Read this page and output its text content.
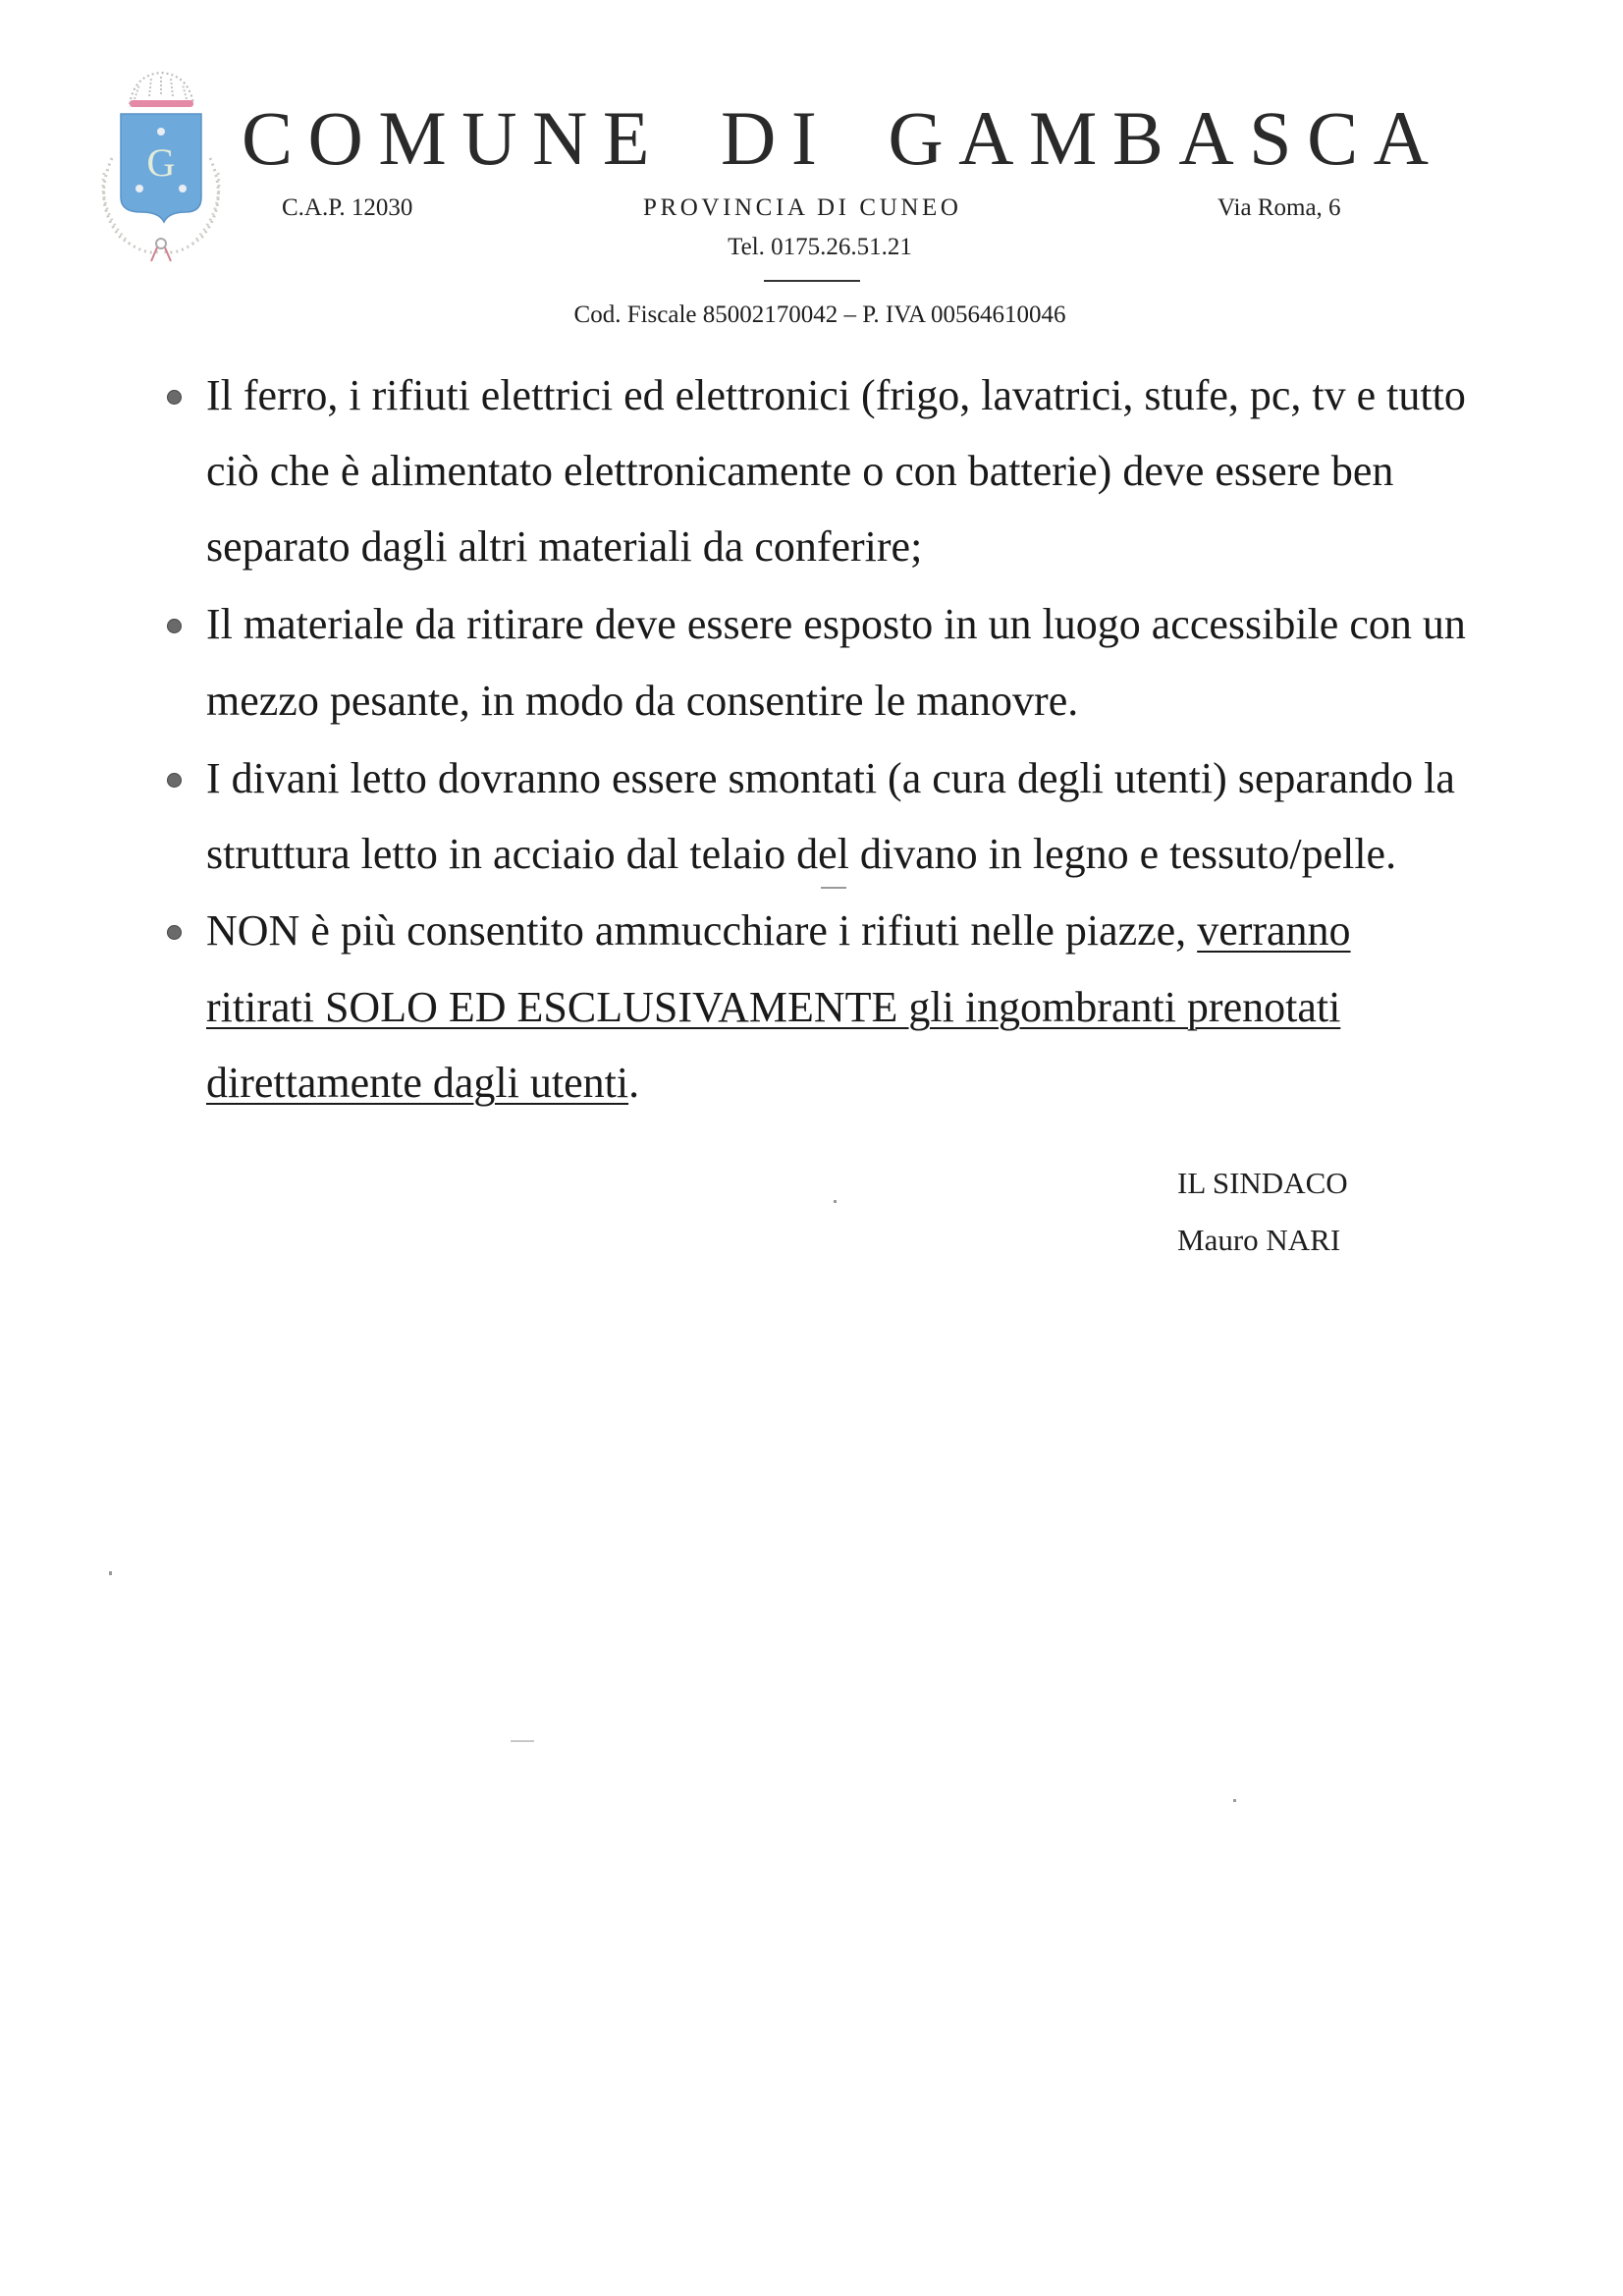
G COMUNE DI GAMBASCA
C.A.P. 12030	PROVINCIA DI CUNEO	Via Roma, 6
Tel. 0175.26.51.21
Cod. Fiscale 85002170042 – P. IVA 00564610046
Il ferro, i rifiuti elettrici ed elettronici (frigo, lavatrici, stufe, pc, tv e tutto
ciò che è alimentato elettronicamente o con batterie) deve essere ben
separato dagli altri materiali da conferire;
Il materiale da ritirare deve essere esposto in un luogo accessibile con un
mezzo pesante, in modo da consentire le manovre.
I divani letto dovranno essere smontati (a cura degli utenti) separando la
struttura letto in acciaio dal telaio del divano in legno e tessuto/pelle.
NON è più consentito ammucchiare i rifiuti nelle piazze, verranno
ritirati SOLO ED ESCLUSIVAMENTE gli ingombranti prenotati
direttamente dagli utenti.
IL SINDACO
Mauro NARI
